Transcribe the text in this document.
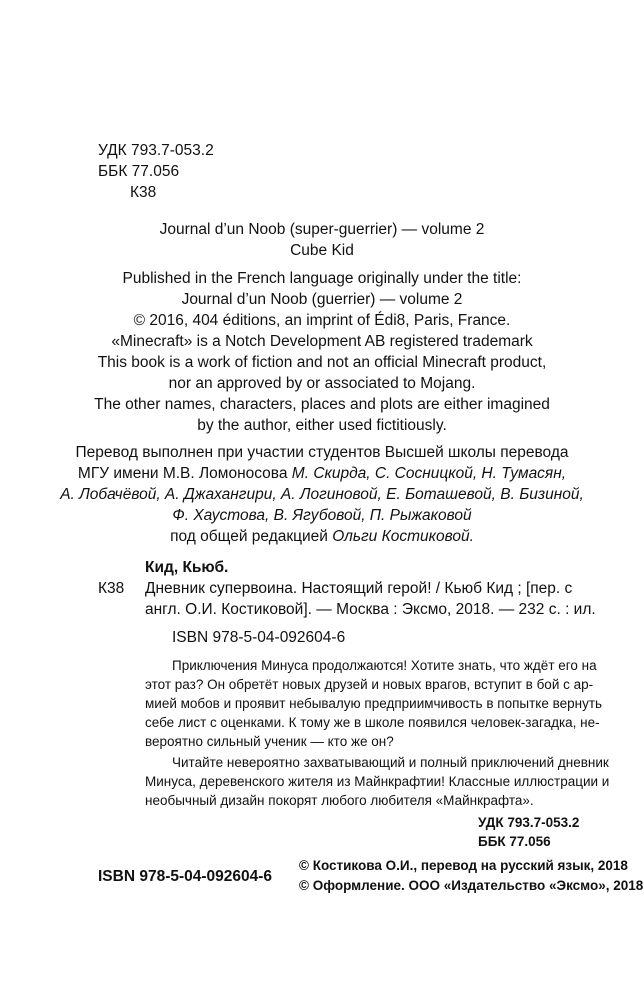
УДК 793.7-053.2
ББК 77.056
К38
Journal d’un Noob (super-guerrier) — volume 2
Cube Kid
Published in the French language originally under the title:
Journal d’un Noob (guerrier) — volume 2
© 2016, 404 éditions, an imprint of Édi8, Paris, France.
«Minecraft» is a Notch Development AB registered trademark
This book is a work of fiction and not an official Minecraft product,
nor an approved by or associated to Mojang.
The other names, characters, places and plots are either imagined
by the author, either used fictitiously.
Перевод выполнен при участии студентов Высшей школы перевода
МГУ имени М.В. Ломоносова М. Скирда, С. Сосницкой, Н. Тумасян,
А. Лобачёвой, А. Джахангири, А. Логиновой, Е. Боташевой, В. Бизиной,
Ф. Хаустова, В. Ягубовой, П. Рыжаковой
под общей редакцией Ольги Костиковой.
Кид, Кьюб.
К38 Дневник супервоина. Настоящий герой! / Кьюб Кид ; [пер. с
англ. О.И. Костиковой]. — Москва : Эксмо, 2018. — 232 с. : ил.
ISBN 978-5-04-092604-6
Приключения Минуса продолжаются! Хотите знать, что ждёт его на
этот раз? Он обретёт новых друзей и новых врагов, вступит в бой с ар-
мией мобов и проявит небывалую предприимчивость в попытке вернуть
себе лист с оценками. К тому же в школе появился человек-загадка, не-
вероятно сильный ученик — кто же он?
Читайте невероятно захватывающий и полный приключений дневник
Минуса, деревенского жителя из Майнкрафтии! Классные иллюстрации и
необычный дизайн покорят любого любителя «Майнкрафта».
УДК 793.7-053.2
ББК 77.056
ISBN 978-5-04-092604-6
© Костикова О.И., перевод на русский язык, 2018
© Оформление. ООО «Издательство «Эксмо», 2018
